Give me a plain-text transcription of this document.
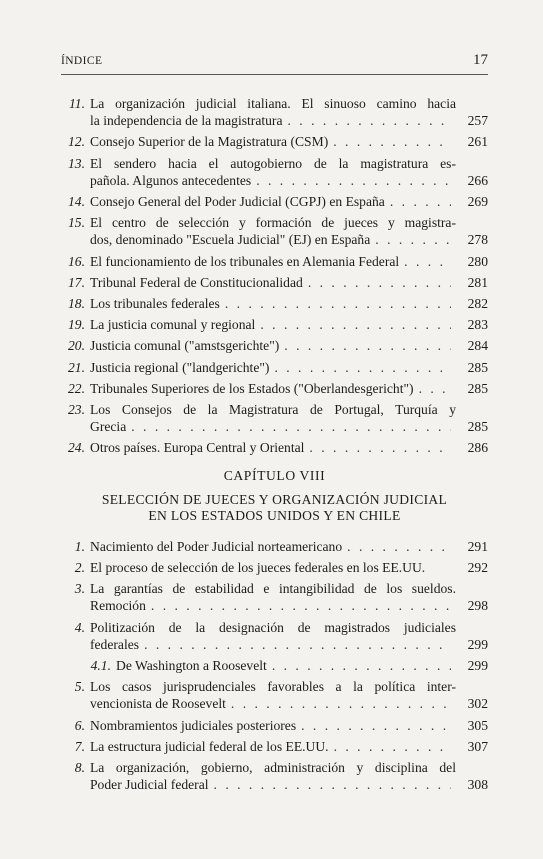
ÍNDICE	17
11. La organización judicial italiana. El sinuoso camino hacia
la independencia de la magistratura . . .	257
12. Consejo Superior de la Magistratura (CSM) . . .	261
13. El sendero hacia el autogobierno de la magistratura es-
pañola. Algunos antecedentes . . .	266
14. Consejo General del Poder Judicial (CGPJ) en España . . .	269
15. El centro de selección y formación de jueces y magistra-
dos, denominado "Escuela Judicial" (EJ) en España . . .	278
16. El funcionamiento de los tribunales en Alemania Federal . . .	280
17. Tribunal Federal de Constitucionalidad . . .	281
18. Los tribunales federales . . .	282
19. La justicia comunal y regional . . .	283
20. Justicia comunal ("amstsgerichte") . . .	284
21. Justicia regional ("landgerichte") . . .	285
22. Tribunales Superiores de los Estados ("Oberlandesgericht") . . .	285
23. Los Consejos de la Magistratura de Portugal, Turquía y
Grecia . . .	285
24. Otros países. Europa Central y Oriental . . .	286
CAPÍTULO VIII
SELECCIÓN DE JUECES Y ORGANIZACIÓN JUDICIAL
EN LOS ESTADOS UNIDOS Y EN CHILE
1. Nacimiento del Poder Judicial norteamericano . . .	291
2. El proceso de selección de los jueces federales en los EE.UU.	292
3. La garantías de estabilidad e intangibilidad de los sueldos.
Remoción . . .	298
4. Politización de la designación de magistrados judiciales
federales . . .	299
4.1. De Washington a Roosevelt . . .	299
5. Los casos jurisprudenciales favorables a la política inter-
vencionista de Roosevelt . . .	302
6. Nombramientos judiciales posteriores . . .	305
7. La estructura judicial federal de los EE.UU. . . .	307
8. La organización, gobierno, administración y disciplina del
Poder Judicial federal . . .	308
